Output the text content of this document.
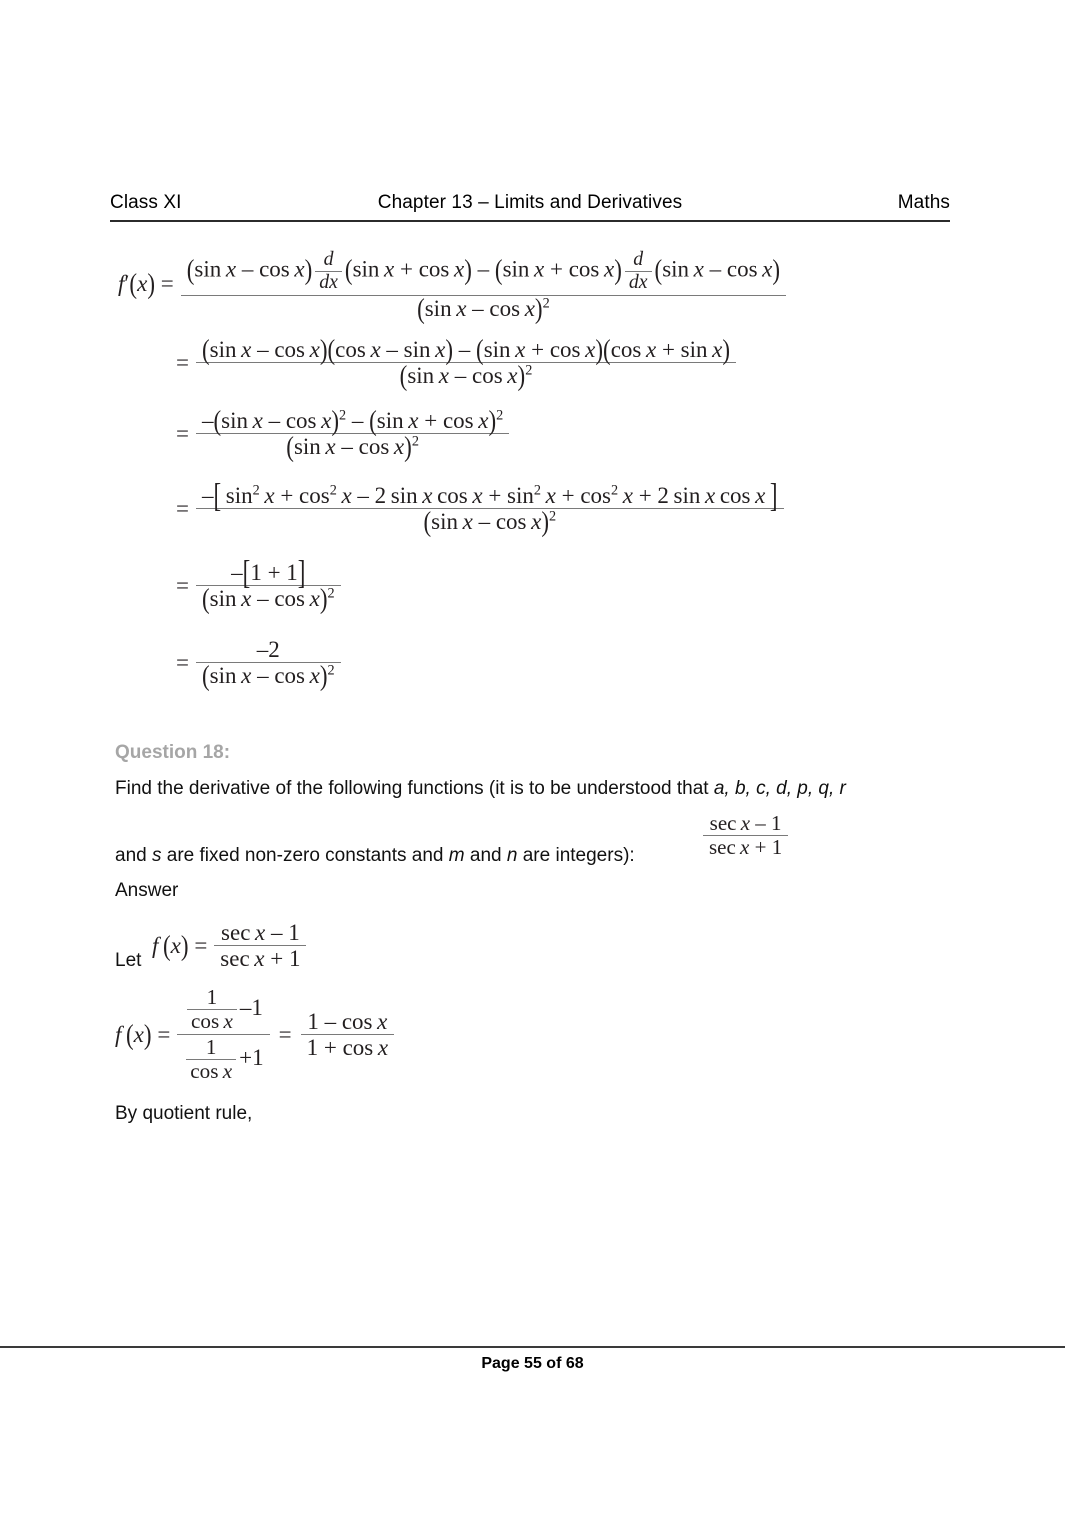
Class XI	Chapter 13 – Limits and Derivatives	Maths
f′(x) = (sin  x – $\cos x) \frac{d}{dx} (\sin$  x + cos  x) – (sin  $x + \cos x) \frac{d}{dx} (\sin$  x – cos  x)
(sin  x – cos  x)$^2$
= (sin  x – cos  x)(cos  x – sin  x) – (sin  x + cos  x)(cos  x + sin  x)
(sin  x – cos  x)$^2$
= $\frac{-(\sin x - \cos x)^2 - (\sin x + \cos x)^2}{(\sin x - \cos x)^2}$
= –[  $\sin^2 x + \cos^2 x - 2$ sin  x  $\cos x + \sin^2 x + \cos^2 x + 2$ sin  x  cos  x  ]
(sin  x – cos  x)$^2$
= $\frac{-[1 + 1]}{(\sin x - \cos x)^2}$
= $\frac{-2}{(\sin x - \cos x)^2}$
Question 18:
Find the derivative of the following functions (it is to be understood that a, b, c, d, p, q, r
and s are fixed non-zero constants and m and n are integers):	$\frac{\text{sec  x – 1}}{\text{sec  x + 1}}$
Answer
Let
f  $(x) = \frac{\text{sec  x – 1}}{\text{sec  x + 1}}$
f  $(x) = \frac{\frac{1}{\text{cos  x}} -1}{\frac{1}{\text{cos  x}} +1} = \frac{\text{1 – cos  x}}{\text{1 + cos  x}}$
By quotient rule,
Page 55 of 68
